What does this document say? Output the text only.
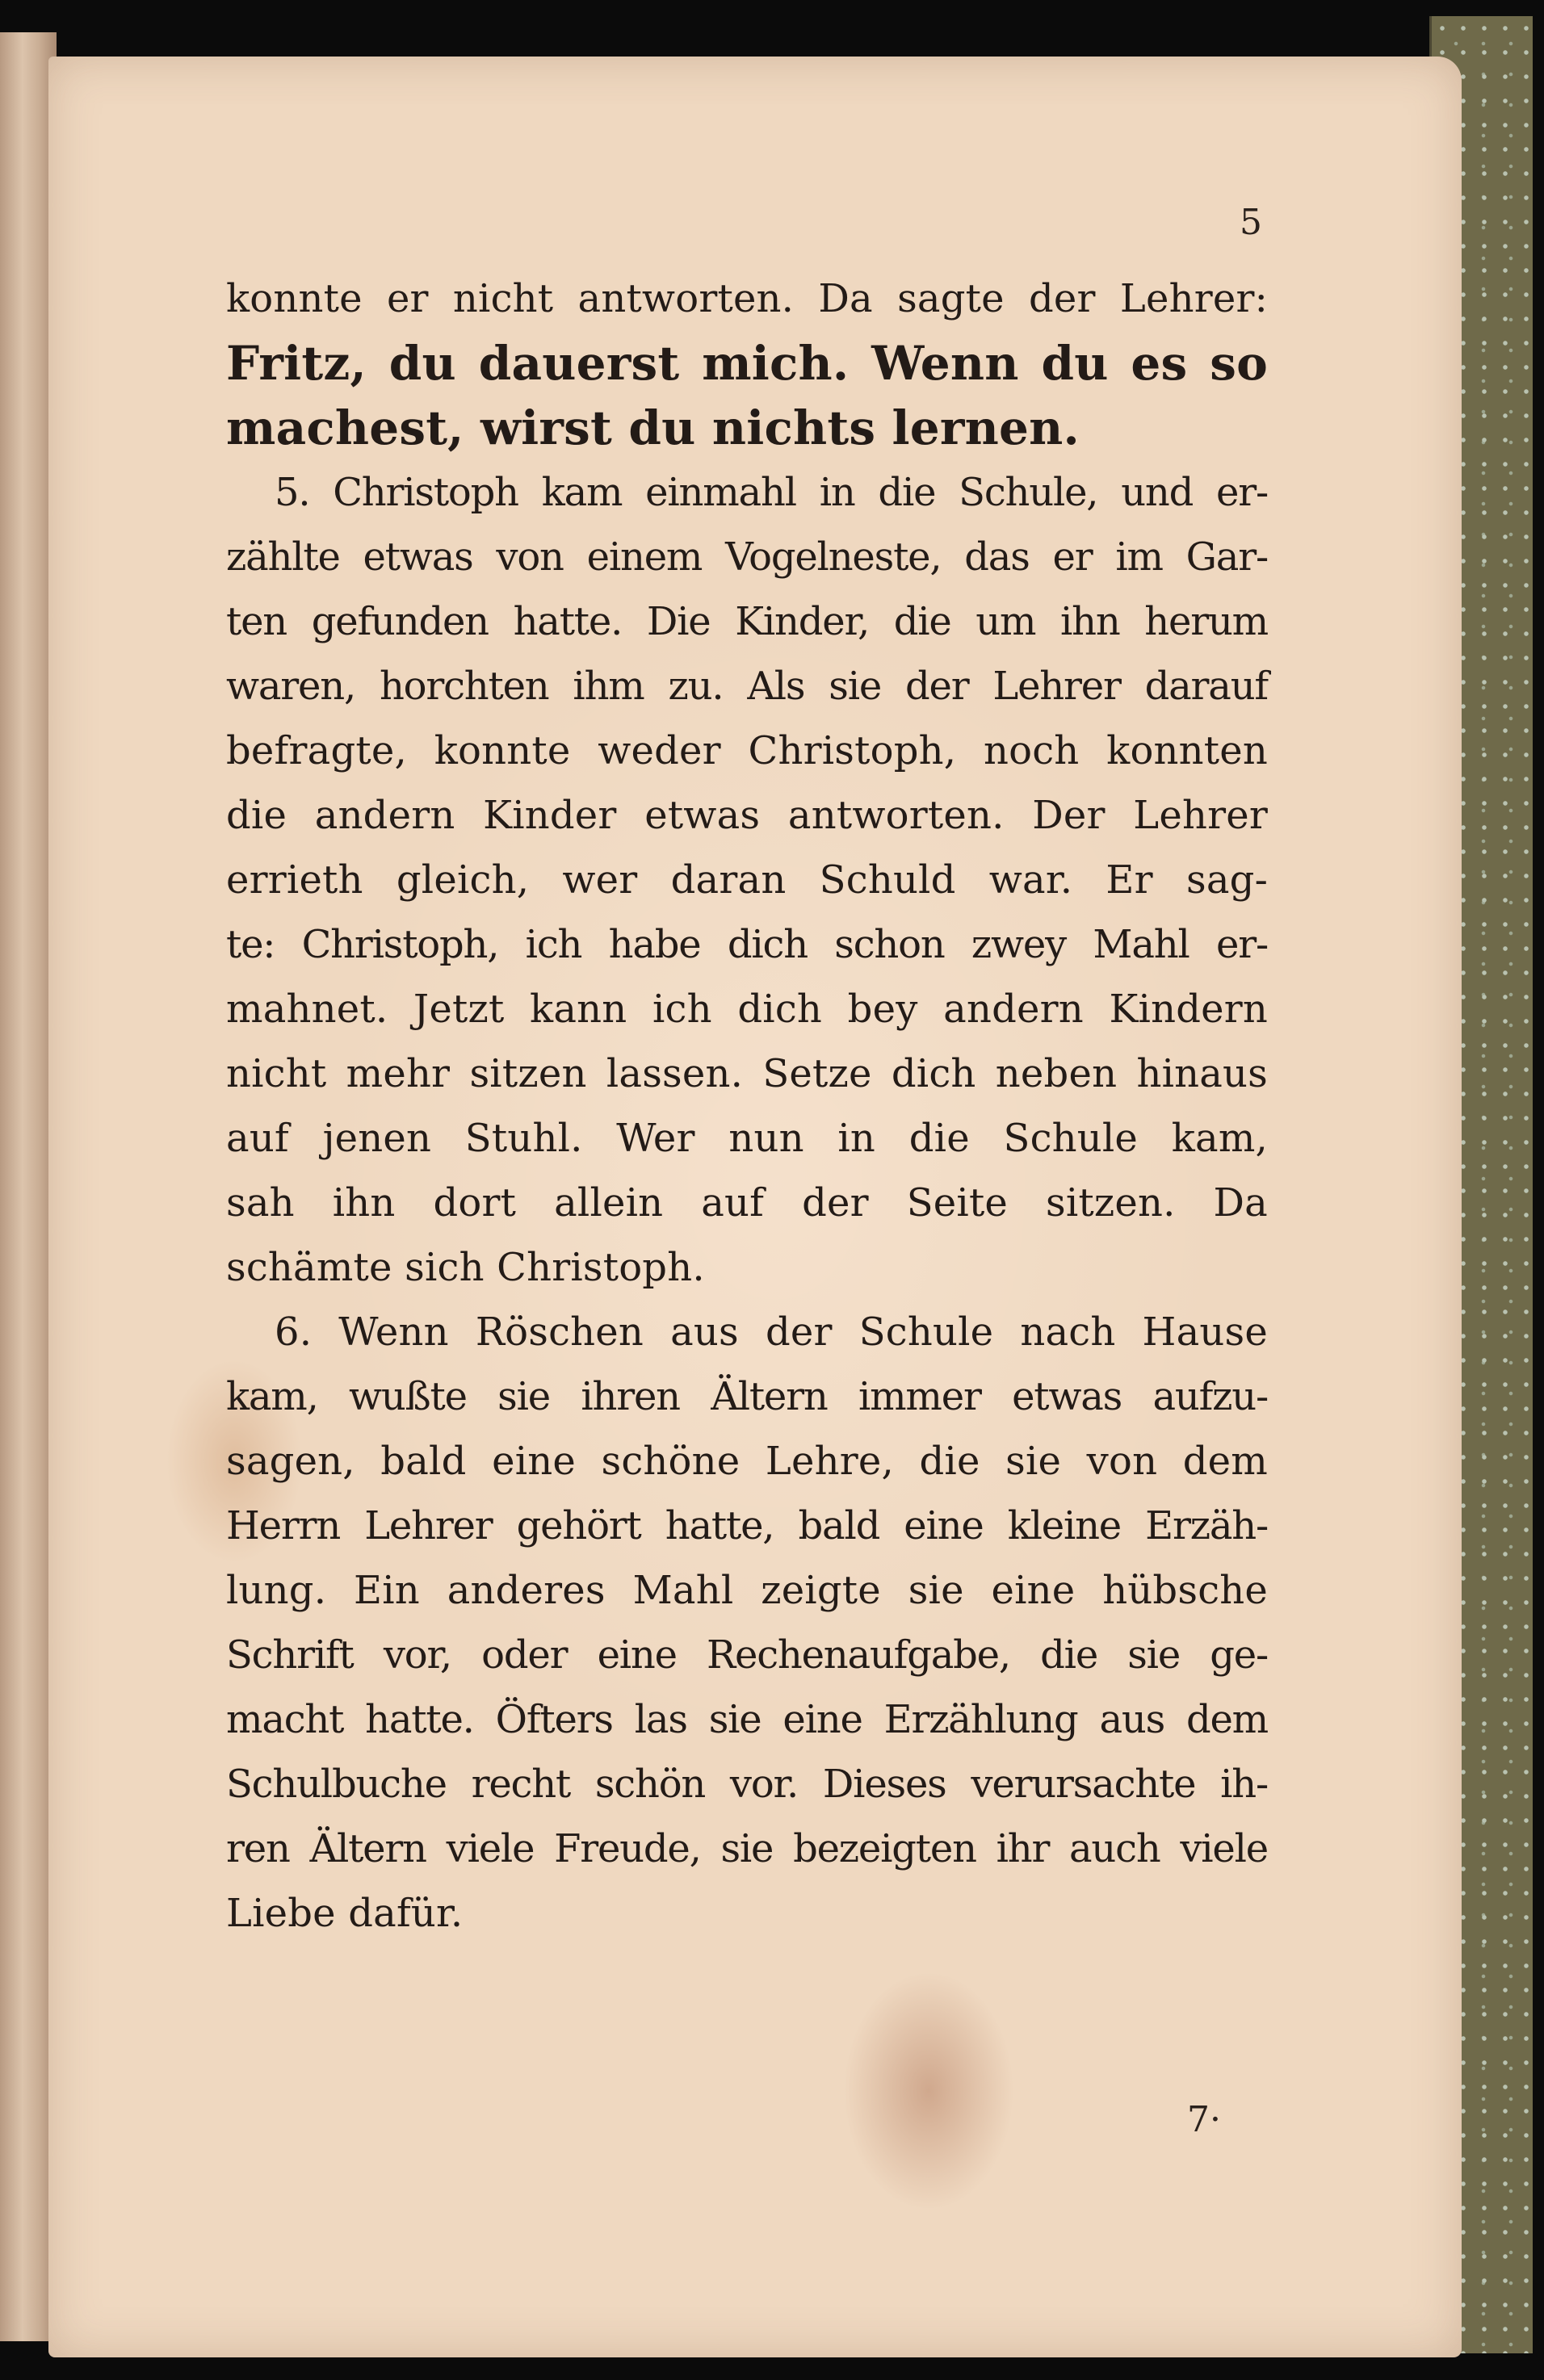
5
konnte er nicht antworten. Da sagte der Lehrer:
Fritz, du dauerst mich. Wenn du es so
machest, wirst du nichts lernen.
5. Christoph kam einmahl in die Schule, und er-
zählte etwas von einem Vogelneste, das er im Gar-
ten gefunden hatte. Die Kinder, die um ihn herum
waren, horchten ihm zu. Als sie der Lehrer darauf
befragte, konnte weder Christoph, noch konnten
die andern Kinder etwas antworten. Der Lehrer
errieth gleich, wer daran Schuld war. Er sag-
te: Christoph, ich habe dich schon zwey Mahl er-
mahnet. Jetzt kann ich dich bey andern Kindern
nicht mehr sitzen lassen. Setze dich neben hinaus
auf jenen Stuhl. Wer nun in die Schule kam,
sah ihn dort allein auf der Seite sitzen. Da
schämte sich Christoph.
6. Wenn Röschen aus der Schule nach Hause
kam, wußte sie ihren Ältern immer etwas aufzu-
sagen, bald eine schöne Lehre, die sie von dem
Herrn Lehrer gehört hatte, bald eine kleine Erzäh-
lung. Ein anderes Mahl zeigte sie eine hübsche
Schrift vor, oder eine Rechenaufgabe, die sie ge-
macht hatte. Öfters las sie eine Erzählung aus dem
Schulbuche recht schön vor. Dieses verursachte ih-
ren Ältern viele Freude, sie bezeigten ihr auch viele
Liebe dafür.
7·
